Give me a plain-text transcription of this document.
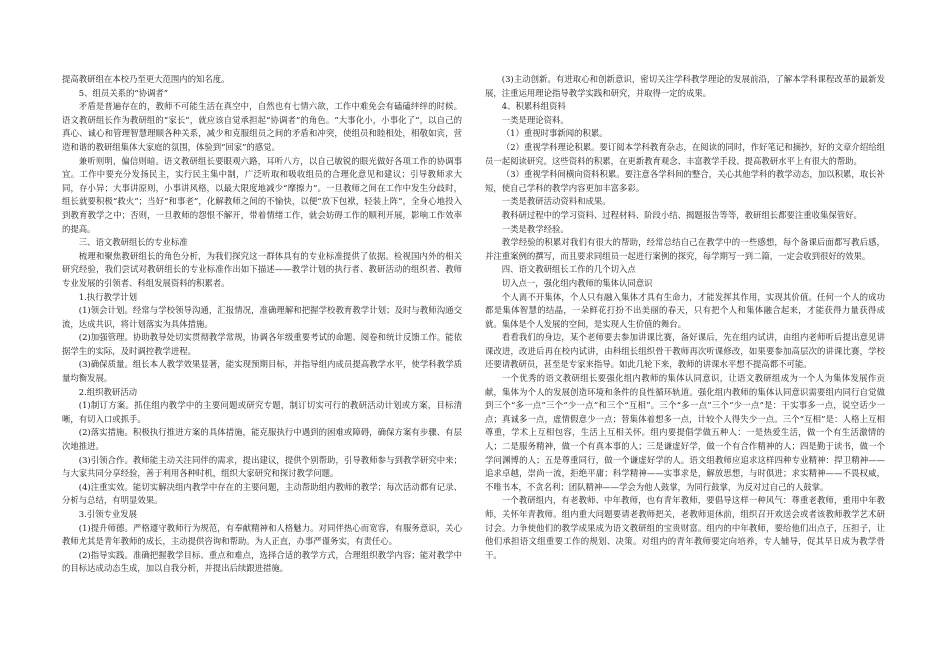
提高教研组在本校乃至更大范围内的知名度。

5、组员关系的“协调者”

矛盾是普遍存在的，教师不可能生活在真空中，自然也有七情六欲，工作中难免会有磕磕绊绊的时候。语文教研组长作为教研组的“家长”，就应该自觉承担起“协调者”的角色。“大事化小，小事化了”，以自己的真心、诚心和管理智慧理顺各种关系，减少和克服组员之间的矛盾和冲突，使组员和睦相处，相敬如宾，营造和谐的教研组集体大家庭的氛围，体验到“回家”的感觉。

兼听则明，偏信则暗。语文教研组长要眼观六路，耳听八方，以自己敏锐的眼光做好各项工作的协调事宜。工作中要充分发扬民主，实行民主集中制，广泛听取和吸收组员的合理化意见和建议；引导教师求大同，存小异；大事讲原则，小事讲风格，以最大限度地减少“摩擦力”。一旦教师之间在工作中发生分歧时，组长就要积极“救火”；当好“和事老”，化解教师之间的不愉快，以便“放下包袱，轻装上阵”，全身心地投入到教育教学之中；否则，一旦教师的怨恨不解开，带着情绪工作，就会妨碍工作的顺利开展，影响工作效率的提高。

三、语文教研组长的专业标准

梳理和聚焦教研组长的角色分析，为我们探究这一群体具有的专业标准提供了依据。检视国内外的相关研究经验，我们尝试对教研组长的专业标准作出如下描述——教学计划的执行者、教研活动的组织者、教师专业发展的引领者、科组发展资料的积累者。

1.执行教学计划

(1)领会计划。经常与学校领导沟通，汇报情况，准确理解和把握学校教育教学计划；及时与教师沟通交流，达成共识，将计划落实为具体措施。

(2)加强管理。协助教导处切实贯彻教学常规，协调各年级重要考试的命题、阅卷和统计反馈工作。能依据学生的实际，及时调控教学进程。

(3)确保质量。组长本人教学效果显著，能实现预期目标，并指导组内成员提高教学水平，使学科教学质量均衡发展。

2.组织教研活动

(1)制订方案。抓住组内教学中的主要问题或研究专题，制订切实可行的教研活动计划或方案，目标清晰，有切入口或抓手。

(2)落实措施。积极执行推进方案的具体措施，能克服执行中遇到的困难或障碍，确保方案有步骤、有层次地推进。

(3)引领合作。教师能主动关注同伴的需求，提出建议，提供个别帮助，引导教师参与到教学研究中来；与大家共同分享经验，善于利用各种时机，组织大家研究和探讨教学问题。

(4)注重实效。能切实解决组内教学中存在的主要问题，主动帮助组内教师的教学；每次活动都有记录、分析与总结，有明显效果。

3.引领专业发展

(1)提升师德。严格遵守教师行为规范，有奉献精神和人格魅力。对同伴热心而宽容，有服务意识，关心教师尤其是青年教师的成长，主动提供咨询和帮助。为人正直，办事严谨务实，有责任心。

(2)指导实践。准确把握教学目标、重点和难点，选择合适的教学方式，合理组织教学内容；能对教学中的目标达成动态生成，加以自我分析，并提出后续跟进措施。

(3)主动创新。有进取心和创新意识，密切关注学科教学理论的发展前沿，了解本学科课程改革的最新发展，注重运用理论指导教学实践和研究，并取得一定的成果。

4、积累科组资料

一类是理论资料。

（1）重视时事新闻的积累。

（2）重视学科理论积累。要订阅本学科教育杂志，在阅读的同时，作好笔记和摘抄，好的文章介绍给组员一起阅读研究。这些资料的积累，在更新教育观念、丰富教学手段、提高教研水平上有很大的帮助。

（3）重视学科间横向资料积累。要注意各学科间的整合，关心其他学科的教学动态，加以积累，取长补短，使自己学科的教学内容更加丰富多彩。

一类是教研活动资料和成果。

教科研过程中的学习资料、过程材料、阶段小结、揭题报告等等，教研组长都要注重收集保管好。

一类是教学经验。

教学经验的积累对我们有很大的帮助，经常总结自己在教学中的一些感想，每个备课后面都写教后感，并注重案例的撰写，而且要求同组员一起进行案例的探究，每学期写一到二篇，一定会收到很好的效果。

四、语文教研组长工作的几个切入点

切入点一，强化组内教师的集体认同意识

个人离不开集体，个人只有融入集体才具有生命力，才能发挥其作用，实现其价值。任何一个人的成功都是集体智慧的结晶，一朵鲜花打扮不出美丽的春天，只有把个人和集体融合起来，才能获得力量获得成就。集体是个人发展的空间，是实现人生价值的舞台。

看看我们的身边，某个老师要去参加讲课比赛，备好课后，先在组内试讲，由组内老师听后提出意见讲课改进，改进后再在校内试讲，由科组长组织骨干教师再次听课修改，如果要参加高层次的讲课比赛，学校还要请教研员，甚至是专家来指导。如此几轮下来，教师的讲课水平想不提高都不可能。

一个优秀的语文教研组长要强化组内教师的集体认同意识，让语文教研组成为一个人为集体发展作贡献，集体为个人的发展创造环境和条件的良性循环轨道。强化组内教师的集体认同意识需要组内同行自觉做到三个“多一点”三个“少一点”和三个“互相”。三个“多一点”三个“少一点”是：干实事多一点，说空话少一点；真诚多一点，虚情假意少一点；替集体着想多一点，计较个人得失少一点。三个“互相”是：人格上互相尊重，学术上互相包容，生活上互相关怀。组内要提倡学做五种人：一是热爱生活，做一个有生活激情的人；二是服务精神，做一个有真本事的人；三是谦虚好学，做一个有合作精神的人；四是勤于读书，做一个学问渊博的人；五是尊重同行，做一个谦虚好学的人。语文组教师应追求这样四种专业精神：捍卫精神——追求卓越，崇尚一流，拒绝平庸；科学精神——实事求是，解放思想，与时俱进；求实精神——不畏权威，不唯书本，不贪名利；团队精神——学会为他人鼓掌，为同行鼓掌，为反对过自己的人鼓掌。

一个教研组内，有老教师、中年教师，也有青年教师，要倡导这样一种风气：尊重老教师，重用中年教师，关怀年青教师。组内重大问题要请老教师把关，老教师退休前，组织召开欢送会或者该教师教学艺术研讨会。力争使他们的教学成果成为语文教研组的宝贵财富。组内的中年教师，要给他们出点子，压担子，让他们承担语文组重要工作的规划、决策。对组内的青年教师要定向培养，专人辅导，促其早日成为教学骨干。
